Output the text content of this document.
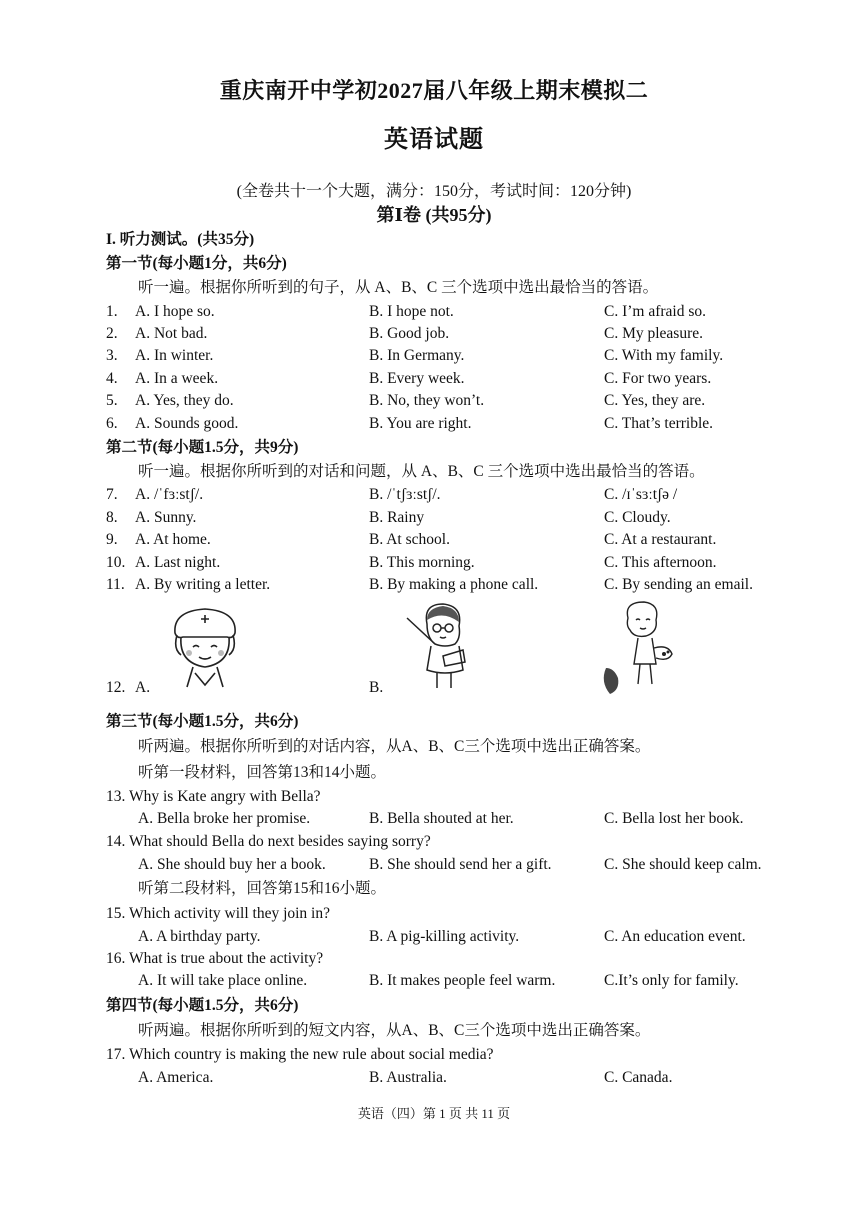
重庆南开中学初2027届八年级上期末模拟二
英语试题
(全卷共十一个大题，满分：150分，考试时间：120分钟)
第Ⅰ卷 (共95分)
I. 听力测试。(共35分)
第一节(每小题1分，共6分)
听一遍。根据你所听到的句子，从 A、B、C 三个选项中选出最恰当的答语。
1. A. I hope so.	B. I hope not.	C. I’m afraid so.
2. A. Not bad.	B. Good job.	C. My pleasure.
3. A. In winter.	B. In Germany.	C. With my family.
4. A. In a week.	B. Every week.	C. For two years.
5. A. Yes, they do.	B. No, they won’t.	C. Yes, they are.
6. A. Sounds good.	B. You are right.	C. That’s terrible.
第二节(每小题1.5分，共9分)
听一遍。根据你所听到的对话和问题，从 A、B、C 三个选项中选出最恰当的答语。
7. A. /ˈfɜːstʃ/.	B. /ˈtʃɜːstʃ/.	C. /ɪˈsɜːtʃə /
8. A. Sunny.	B. Rainy	C. Cloudy.
9. A. At home.	B. At school.	C. At a restaurant.
10. A. Last night.	B. This morning.	C. This afternoon.
11. A. By writing a letter.	B. By making a phone call.	C. By sending an email.
12. A.	B.
第三节(每小题1.5分，共6分)
听两遍。根据你所听到的对话内容，从A、B、C三个选项中选出正确答案。
听第一段材料，回答第13和14小题。
13. Why is Kate angry with Bella?
A. Bella broke her promise.	B. Bella shouted at her.	C. Bella lost her book.
14. What should Bella do next besides saying sorry?
A. She should buy her a book.	B. She should send her a gift.	C. She should keep calm.
听第二段材料，回答第15和16小题。
15. Which activity will they join in?
A. A birthday party.	B. A pig-killing activity.	C. An education event.
16. What is true about the activity?
A. It will take place online.	B. It makes people feel warm.	C.It’s only for family.
第四节(每小题1.5分，共6分)
听两遍。根据你所听到的短文内容，从A、B、C三个选项中选出正确答案。
17. Which country is making the new rule about social media?
A. America.	B. Australia.	C. Canada.
英语（四）第 1 页 共 11 页
